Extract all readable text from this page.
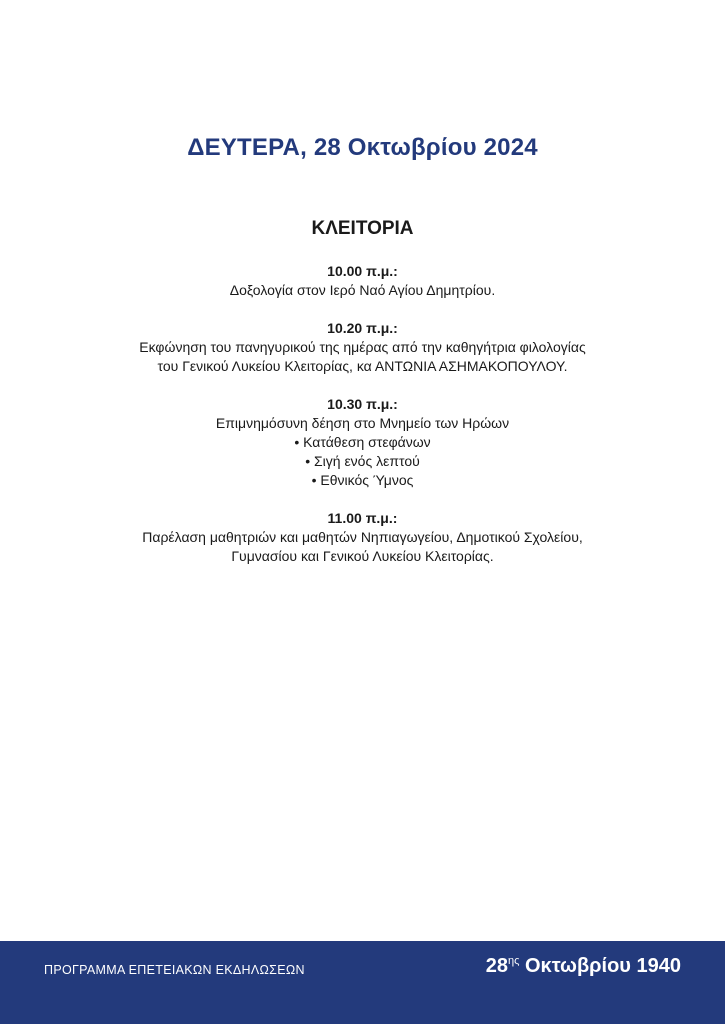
ΔΕΥΤΕΡΑ, 28 Οκτωβρίου 2024
ΚΛΕΙΤΟΡΙΑ
10.00 π.μ.:
Δοξολογία στον Ιερό Ναό Αγίου Δημητρίου.
10.20 π.μ.:
Εκφώνηση του πανηγυρικού της ημέρας από την καθηγήτρια φιλολογίας
του Γενικού Λυκείου Κλειτορίας, κα ΑΝΤΩΝΙΑ ΑΣΗΜΑΚΟΠΟΥΛΟΥ.
10.30 π.μ.:
Επιμνημόσυνη δέηση στο Μνημείο των Ηρώων
• Κατάθεση στεφάνων
• Σιγή ενός λεπτού
• Εθνικός Ύμνος
11.00 π.μ.:
Παρέλαση μαθητριών και μαθητών Νηπιαγωγείου, Δημοτικού Σχολείου,
Γυμνασίου και Γενικού Λυκείου Κλειτορίας.
ΠΡΟΓΡΑΜΜΑ ΕΠΕΤΕΙΑΚΩΝ ΕΚΔΗΛΩΣΕΩΝ	$28^{\eta\varsigma}$ Οκτωβρίου 1940
